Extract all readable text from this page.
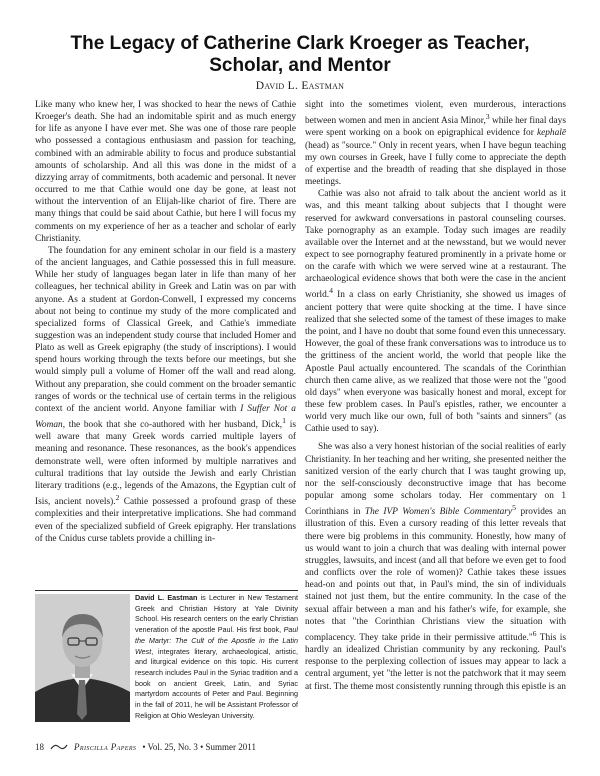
The Legacy of Catherine Clark Kroeger as Teacher,
Scholar, and Mentor
David L. Eastman

Like many who knew her, I was shocked to hear the news of Cathie Kroeger's death. She had an indomitable spirit and as much energy for life as anyone I have ever met. She was one of those rare people who possessed a contagious enthusiasm and passion for teaching, combined with an admirable ability to focus and produce substantial amounts of scholarship. And all this was done in the midst of a dizzying array of commitments, both academic and personal. It never occurred to me that Cathie would one day be gone, at least not without the intervention of an Elijah-like chariot of fire. There are many things that could be said about Cathie, but here I will focus my comments on my experience of her as a teacher and scholar of early Christianity.

The foundation for any eminent scholar in our field is a mastery of the ancient languages, and Cathie possessed this in full measure. While her study of languages began later in life than many of her colleagues, her technical ability in Greek and Latin was on par with anyone. As a student at Gordon-Conwell, I expressed my concerns about not being to continue my study of the more complicated and specialized forms of Classical Greek, and Cathie's immediate suggestion was an independent study course that included Homer and Plato as well as Greek epigraphy (the study of inscriptions). I would spend hours working through the texts before our meetings, but she would simply pull a volume of Homer off the wall and read along. Without any preparation, she could comment on the broader semantic ranges of words or the technical use of certain terms in the religious context of the ancient world. Anyone familiar with I Suffer Not a Woman, the book that she co-authored with her husband, Dick,$^1$ is well aware that many Greek words carried multiple layers of meaning and resonance. These resonances, as the book's appendices demonstrate well, were often informed by multiple narratives and cultural traditions that lay outside the Jewish and early Christian literary traditions (e.g., legends of the Amazons, the Egyptian cult of Isis, ancient novels).$^2$ Cathie possessed a profound grasp of these complexities and their interpretative implications. She had command even of the specialized subfield of Greek epigraphy. Her translations of the Cnidus curse tablets provide a chilling in-

sight into the sometimes violent, even murderous, interactions between women and men in ancient Asia Minor,$^3$ while her final days were spent working on a book on epigraphical evidence for kephalē (head) as "source." Only in recent years, when I have begun teaching my own courses in Greek, have I fully come to appreciate the depth of expertise and the breadth of reading that she displayed in those meetings.

Cathie was also not afraid to talk about the ancient world as it was, and this meant talking about subjects that I thought were reserved for awkward conversations in pastoral counseling courses. Take pornography as an example. Today such images are readily available over the Internet and at the newsstand, but we would never expect to see pornography featured prominently in a private home or on the carafe with which we were served wine at a restaurant. The archaeological evidence shows that both were the case in the ancient world.$^4$ In a class on early Christianity, she showed us images of ancient pottery that were quite shocking at the time. I have since realized that she selected some of the tamest of these images to make the point, and I have no doubt that some found even this unnecessary. However, the goal of these frank conversations was to introduce us to the grittiness of the ancient world, the world that people like the Apostle Paul actually encountered. The scandals of the Corinthian church then came alive, as we realized that those were not the "good old days" when everyone was basically honest and moral, except for these few problem cases. In Paul's epistles, rather, we encounter a world very much like our own, full of both "saints and sinners" (as Cathie used to say).

She was also a very honest historian of the social realities of early Christianity. In her teaching and her writing, she presented neither the sanitized version of the early church that I was taught growing up, nor the self-consciously deconstructive image that has become popular among some scholars today. Her commentary on 1 Corinthians in The IVP Women's Bible Commentary$^5$ provides an illustration of this. Even a cursory reading of this letter reveals that there were big problems in this community. Honestly, how many of us would want to join a church that was dealing with internal power struggles, lawsuits, and incest (and all that before we even get to food and conflicts over the role of women)? Cathie takes these issues head-on and points out that, in Paul's mind, the sin of individuals stained not just them, but the entire community. In the case of the sexual affair between a man and his father's wife, for example, she notes that "the Corinthian Christians view the situation with complacency. They take pride in their permissive attitude."$^6$ This is hardly an idealized Christian community by any reckoning. Paul's response to the perplexing collection of issues may appear to lack a central argument, yet "the letter is not the patchwork that it may seem at first. The theme most consistently running through this epistle is an

David L. Eastman is Lecturer in New Testament Greek and Christian History at Yale Divinity School. His research centers on the early Christian veneration of the apostle Paul. His first book, Paul the Martyr: The Cult of the Apostle in the Latin West, integrates literary, archaeological, artistic, and liturgical evidence on this topic. His current research includes Paul in the Syriac tradition and a book on ancient Greek, Latin, and Syriac martyrdom accounts of Peter and Paul. Beginning in the fall of 2011, he will be Assistant Professor of Religion at Ohio Wesleyan University.
18	Priscilla Papers • Vol. 25, No. 3 • Summer 2011
